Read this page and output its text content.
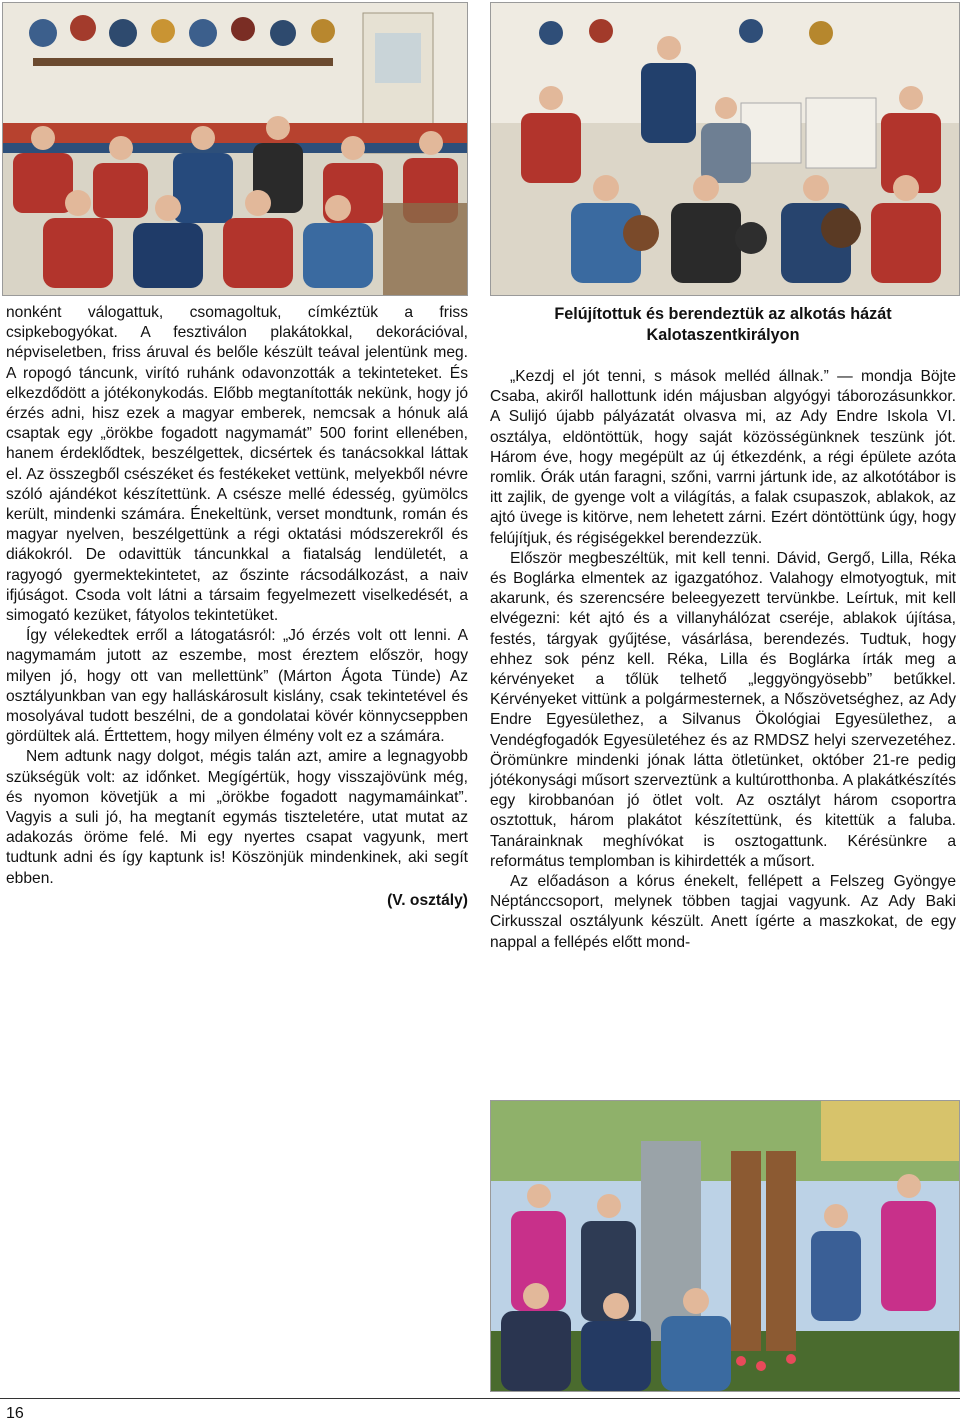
Felújítottuk és berendeztük az alkotás házát
Kalotaszentkirályon

nonként válogattuk, csomagoltuk, címkéztük a friss csipkebogyókat. A fesztiválon plakátokkal, dekorációval, népviseletben, friss áruval és belőle készült teával jelentünk meg. A ropogó táncunk, virító ruhánk odavonzották a tekinteteket. És elkezdődött a jótékonykodás. Előbb megtanították nekünk, hogy jó érzés adni, hisz ezek a magyar emberek, nemcsak a hónuk alá csaptak egy „örökbe fogadott nagymamát” 500 forint ellenében, hanem érdeklődtek, beszélgettek, dicsértek és tanácsokkal láttak el. Az összegből csészéket és festékeket vettünk, melyekből névre szóló ajándékot készítettünk. A csésze mellé édesség, gyümölcs került, mindenki számára. Énekeltünk, verset mondtunk, román és magyar nyelven, beszélgettünk a régi oktatási módszerekről és diákokról. De odavittük táncunkkal a fiatalság lendületét, a ragyogó gyermektekintetet, az őszinte rácsodálkozást, a naiv ifjúságot. Csoda volt látni a társaim fegyelmezett viselkedését, a simogató kezüket, fátyolos tekintetüket.

Így vélekedtek erről a látogatásról: „Jó érzés volt ott lenni. A nagymamám jutott az eszembe, most éreztem először, hogy milyen jó, hogy ott van mellettünk” (Márton Ágota Tünde) Az osztályunkban van egy halláskárosult kislány, csak tekintetével és mosolyával tudott beszélni, de a gondolatai kövér könnycseppben gördültek alá. Érttettem, hogy milyen élmény volt ez a számára.

Nem adtunk nagy dolgot, mégis talán azt, amire a legnagyobb szükségük volt: az időnket. Megígértük, hogy visszajövünk még, és nyomon követjük a mi „örökbe fogadott nagymamáinkat”. Vagyis a suli jó, ha megtanít egymás tiszteletére, utat mutat az adakozás öröme felé. Mi egy nyertes csapat vagyunk, mert tudtunk adni és így kaptunk is! Köszönjük mindenkinek, aki segít ebben.

(V. osztály)

„Kezdj el jót tenni, s mások melléd állnak.” — mondja Böjte Csaba, akiről hallottunk idén májusban algyógyi táborozásunkkor. A Sulijó újabb pályázatát olvasva mi, az Ady Endre Iskola VI. osztálya, eldöntöttük, hogy saját közösségünknek teszünk jót. Három éve, hogy megépült az új étkezdénk, a régi épülete azóta romlik. Órák után faragni, szőni, varrni jártunk ide, az alkotótábor is itt zajlik, de gyenge volt a világítás, a falak csupaszok, ablakok, az ajtó üvege is kitörve, nem lehetett zárni. Ezért döntöttünk úgy, hogy felújítjuk, és régiségekkel berendezzük.

Először megbeszéltük, mit kell tenni. Dávid, Gergő, Lilla, Réka és Boglárka elmentek az igazgatóhoz. Valahogy elmotyogtuk, mit akarunk, és szerencsére beleegyezett tervünkbe. Leírtuk, mit kell elvégezni: két ajtó és a villanyhálózat cseréje, ablakok újítása, festés, tárgyak gyűjtése, vásárlása, berendezés. Tudtuk, hogy ehhez sok pénz kell. Réka, Lilla és Boglárka írták meg a kérvényeket a tőlük telhető „leggyöngyösebb” betűkkel. Kérvényeket vittünk a polgármesternek, a Nőszövetséghez, az Ady Endre Egyesülethez, a Silvanus Ökológiai Egyesülethez, a Vendégfogadók Egyesületéhez és az RMDSZ helyi szervezetéhez. Örömünkre mindenki jónak látta ötletünket, október 21-re pedig jótékonysági műsort szerveztünk a kultúrotthonba. A plakátkészítés egy kirobbanóan jó ötlet volt. Az osztályt három csoportra osztottuk, három plakátot készítettünk, és kitettük a faluba. Tanárainknak meghívókat is osztogattunk. Kérésünkre a református templomban is kihirdették a műsort.

Az előadáson a kórus énekelt, fellépett a Felszeg Gyöngye Néptánccsoport, melynek többen tagjai vagyunk. Az Ady Baki Cirkusszal osztályunk készült. Anett ígérte a maszkokat, de egy nappal a fellépés előtt mond-

16
